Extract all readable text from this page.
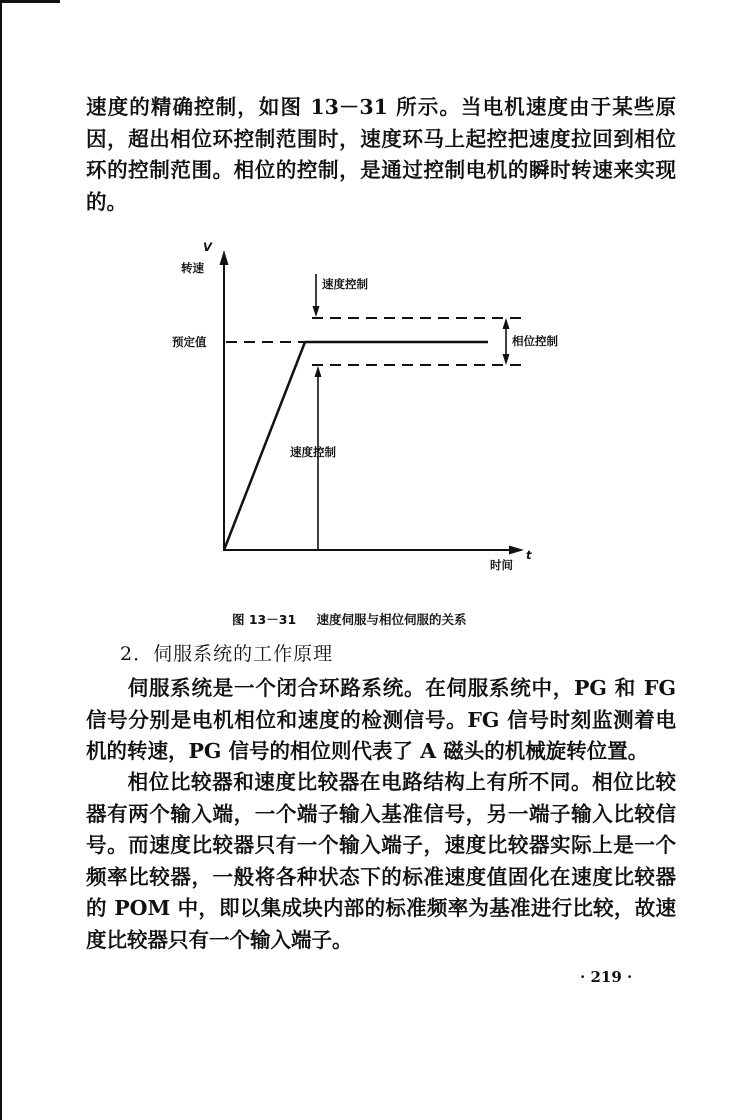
速度的精确控制，如图 13－31 所示。当电机速度由于某些原因，超出相位环控制范围时，速度环马上起控把速度拉回到相位环的控制范围。相位的控制，是通过控制电机的瞬时转速来实现的。

V
转速
预定值
速度控制
相位控制
速度控制
时间
t
图 13－31 速度伺服与相位伺服的关系

2．伺服系统的工作原理

伺服系统是一个闭合环路系统。在伺服系统中，PG 和 FG 信号分别是电机相位和速度的检测信号。FG 信号时刻监测着电机的转速，PG 信号的相位则代表了 A 磁头的机械旋转位置。

相位比较器和速度比较器在电路结构上有所不同。相位比较器有两个输入端，一个端子输入基准信号，另一端子输入比较信号。而速度比较器只有一个输入端子，速度比较器实际上是一个频率比较器，一般将各种状态下的标准速度值固化在速度比较器的 POM 中，即以集成块内部的标准频率为基准进行比较，故速度比较器只有一个输入端子。

· 219 ·
